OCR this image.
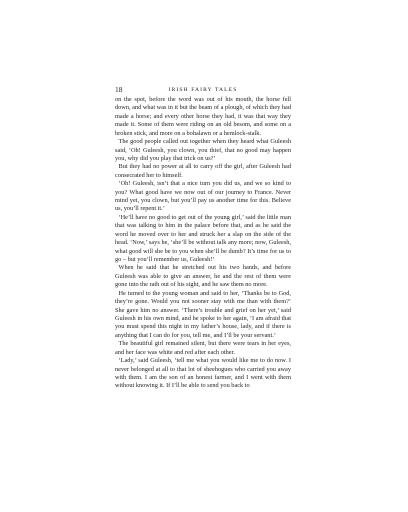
18	IRISH FAIRY TALES

on the spot, before the word was out of his mouth, the horse fell down, and what was in it but the beam of a plough, of which they had made a horse; and every other horse they had, it was that way they made it. Some of them were riding on an old besom, and some on a broken stick, and more on a bohalawn or a hemlock-stalk.

The good people called out together when they heard what Guleesh said, ‘Oh! Guleesh, you clown, you thief, that no good may happen you, why did you play that trick on us?’

But they had no power at all to carry off the girl, after Guleesh had consecrated her to himself.

‘Oh! Guleesh, isn’t that a nice turn you did us, and we so kind to you? What good have we now out of our journey to France. Never mind yet, you clown, but you’ll pay us another time for this. Believe us, you’ll repent it.’

‘He’ll have no good to get out of the young girl,’ said the little man that was talking to him in the palace before that, and as he said the word he moved over to her and struck her a slap on the side of the head. ‘Now,’ says he, ‘she’ll be without talk any more; now, Guleesh, what good will she be to you when she’ll be dumb? It’s time for us to go – but you’ll remember us, Guleesh!’

When he said that he stretched out his two hands, and before Guleesh was able to give an answer, he and the rest of them were gone into the rath out of his sight, and he saw them no more.

He turned to the young woman and said to her, ‘Thanks be to God, they’re gone. Would you not sooner stay with me than with them?’ She gave him no answer. ‘There’s trouble and grief on her yet,’ said Guleesh in his own mind, and he spoke to her again, ‘I am afraid that you must spend this night in my father’s house, lady, and if there is anything that I can do for you, tell me, and I’ll be your servant.’

The beautiful girl remained silent, but there were tears in her eyes, and her face was white and red after each other.

‘Lady,’ said Guleesh, ‘tell me what you would like me to do now. I never belonged at all to that lot of sheehogues who carried you away with them. I am the son of an honest farmer, and I went with them without knowing it. If I’ll be able to send you back to
